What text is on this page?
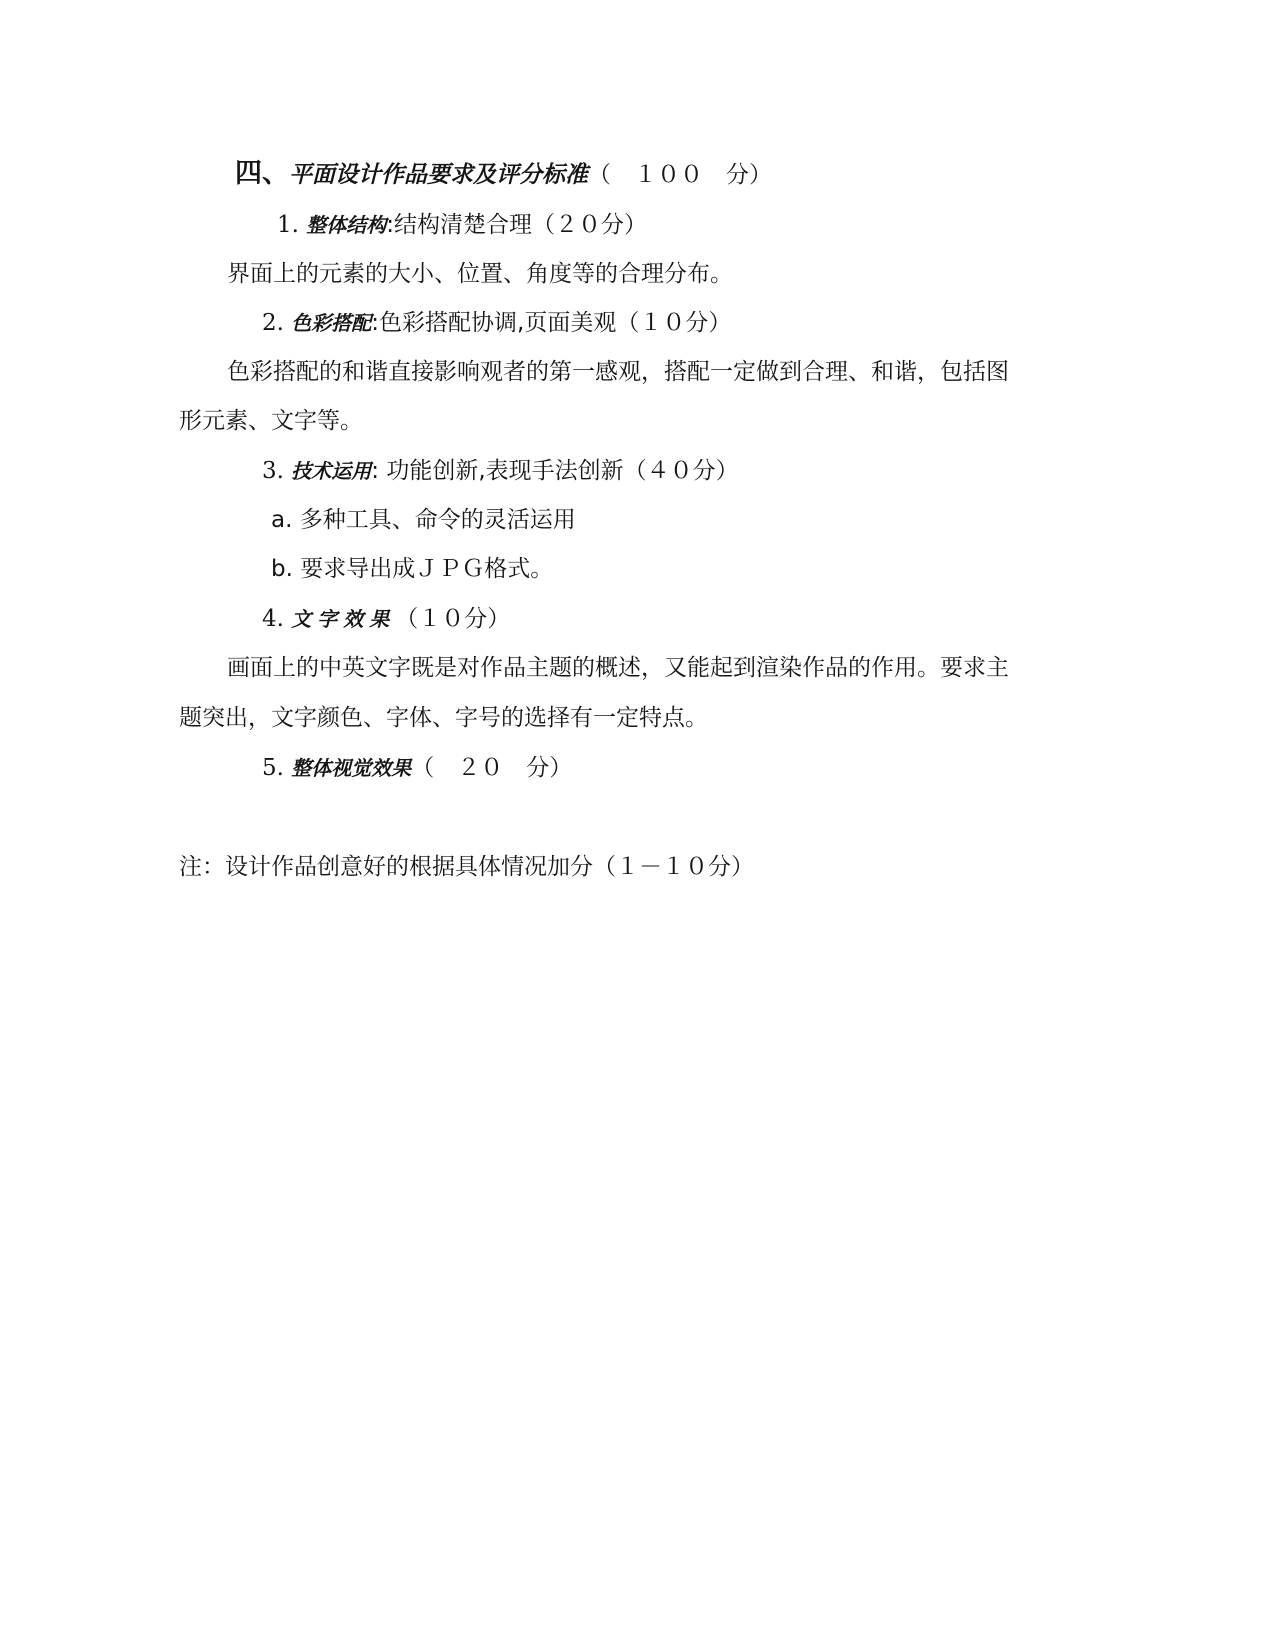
四、平面设计作品要求及评分标准（　１００　分）
1. 整体结构:结构清楚合理（２０分）
界面上的元素的大小、位置、角度等的合理分布。
2. 色彩搭配:色彩搭配协调,页面美观（１０分）
色彩搭配的和谐直接影响观者的第一感观，搭配一定做到合理、和谐，包括图
形元素、文字等。
3. 技术运用: 功能创新,表现手法创新（４０分）
a. 多种工具、命令的灵活运用
b. 要求导出成ＪＰＧ格式。
4. 文字效果（１０分）
画面上的中英文字既是对作品主题的概述，又能起到渲染作品的作用。要求主
题突出，文字颜色、字体、字号的选择有一定特点。
5. 整体视觉效果（　２０　分）
注：设计作品创意好的根据具体情况加分（１－１０分）
